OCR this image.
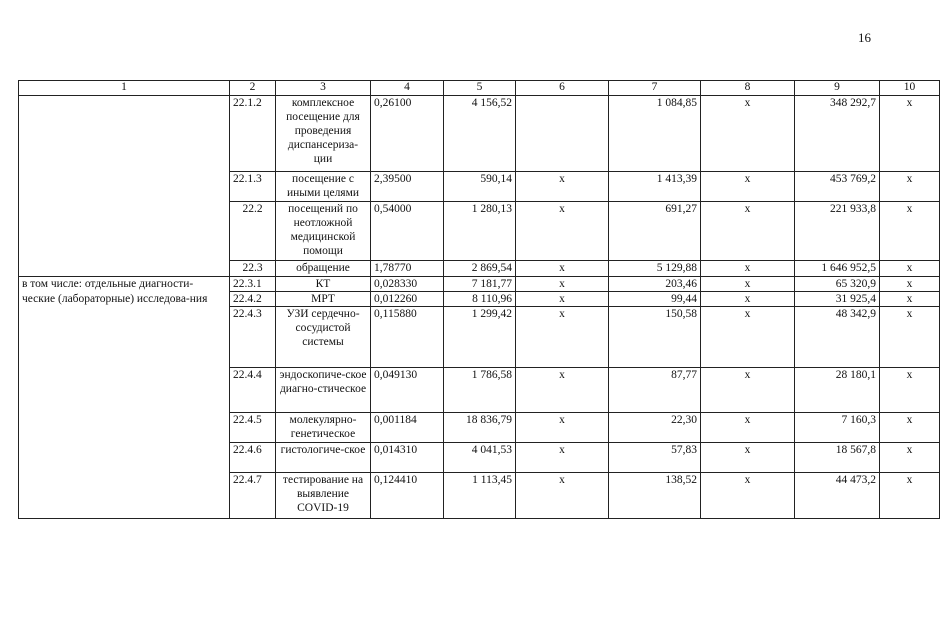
16
1	2	3	4	5	6	7	8	9	10
	22.1.2	комплексное посещение для проведения диспансериза-ции	0,26100	4 156,52		1 084,85	х	348 292,7	х
	22.1.3	посещение с иными целями	2,39500	590,14	х	1 413,39	х	453 769,2	х
	22.2	посещений по неотложной медицинской помощи	0,54000	1 280,13	х	691,27	х	221 933,8	х
	22.3	обращение	1,78770	2 869,54	х	5 129,88	х	1 646 952,5	х
в том числе: отдельные диагности-ческие (лабораторные) исследова-ния	22.3.1	КТ	0,028330	7 181,77	х	203,46	х	65 320,9	х
	22.4.2	МРТ	0,012260	8 110,96	х	99,44	х	31 925,4	х
	22.4.3	УЗИ сердечно-сосудистой системы	0,115880	1 299,42	х	150,58	х	48 342,9	х
	22.4.4	эндоскопиче-ское диагно-стическое	0,049130	1 786,58	х	87,77	х	28 180,1	х
	22.4.5	молекулярно-генетическое	0,001184	18 836,79	х	22,30	х	7 160,3	х
	22.4.6	гистологиче-ское	0,014310	4 041,53	х	57,83	х	18 567,8	х
	22.4.7	тестирование на выявление COVID-19	0,124410	1 113,45	х	138,52	х	44 473,2	х
